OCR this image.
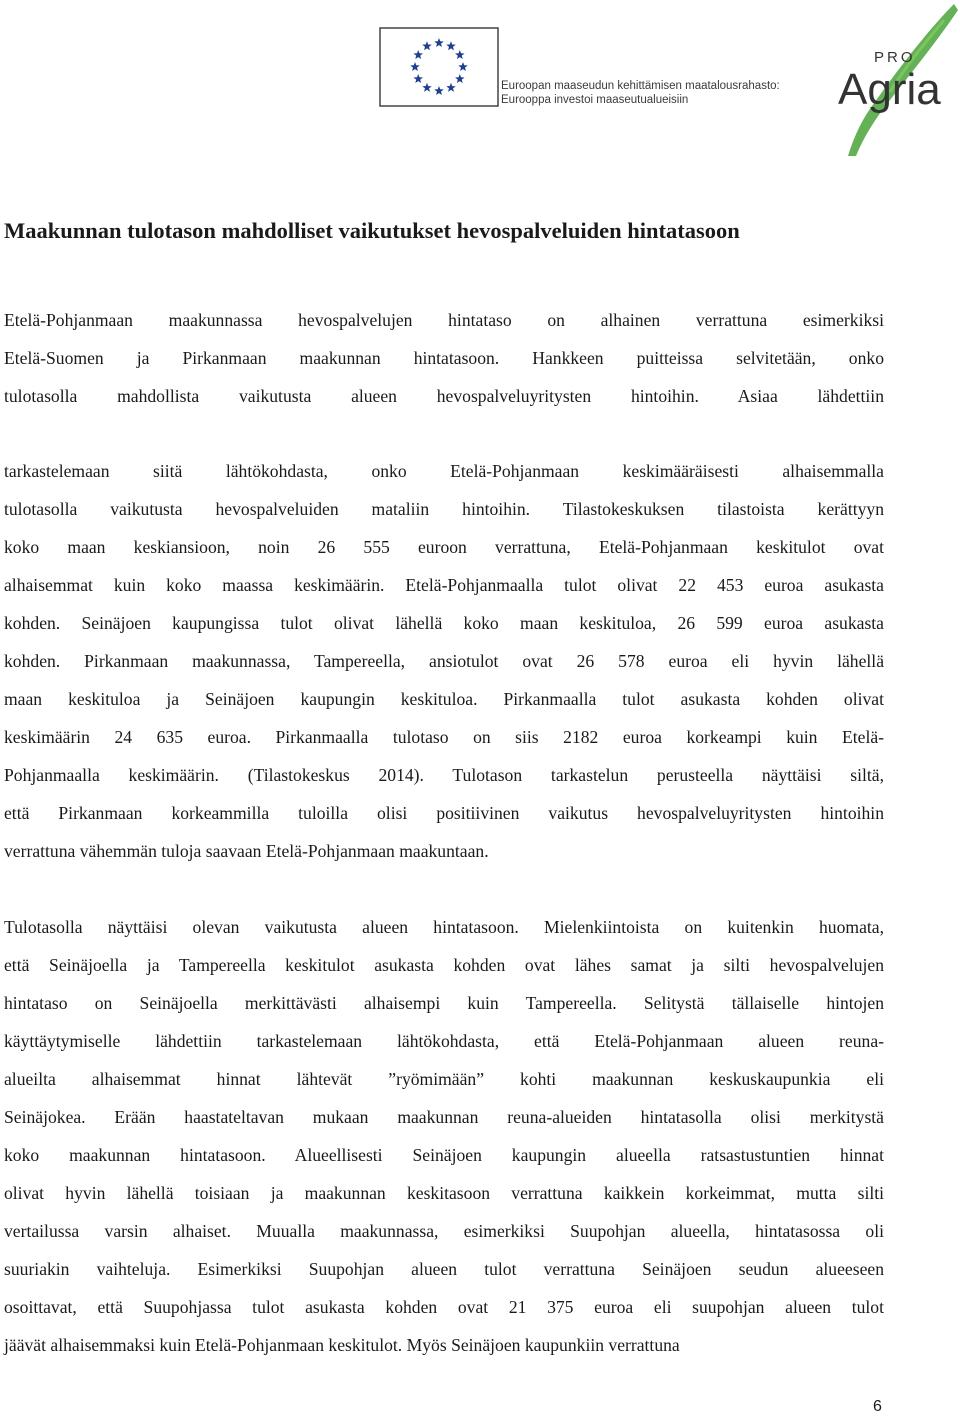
Euroopan maaseudun kehittämisen maatalousrahasto:
Eurooppa investoi maaseutualueisiin
PRO
Agria
Maakunnan tulotason mahdolliset vaikutukset hevospalveluiden hintatasoon

Etelä-Pohjanmaan maakunnassa hevospalvelujen hintataso on alhainen verrattuna esimerkiksi
Etelä-Suomen ja Pirkanmaan maakunnan hintatasoon. Hankkeen puitteissa selvitetään, onko
tulotasolla mahdollista vaikutusta alueen hevospalveluyritysten hintoihin. Asiaa lähdettiin

tarkastelemaan siitä lähtökohdasta, onko Etelä-Pohjanmaan keskimääräisesti alhaisemmalla
tulotasolla vaikutusta hevospalveluiden mataliin hintoihin. Tilastokeskuksen tilastoista kerättyyn
koko maan keskiansioon, noin 26 555 euroon verrattuna, Etelä-Pohjanmaan keskitulot ovat
alhaisemmat kuin koko maassa keskimäärin. Etelä-Pohjanmaalla tulot olivat 22 453 euroa asukasta
kohden. Seinäjoen kaupungissa tulot olivat lähellä koko maan keskituloa, 26 599 euroa asukasta
kohden. Pirkanmaan maakunnassa, Tampereella, ansiotulot ovat 26 578 euroa eli hyvin lähellä
maan keskituloa ja Seinäjoen kaupungin keskituloa. Pirkanmaalla tulot asukasta kohden olivat
keskimäärin 24 635 euroa. Pirkanmaalla tulotaso on siis 2182 euroa korkeampi kuin Etelä-
Pohjanmaalla keskimäärin. (Tilastokeskus 2014). Tulotason tarkastelun perusteella näyttäisi siltä,
että Pirkanmaan korkeammilla tuloilla olisi positiivinen vaikutus hevospalveluyritysten hintoihin
verrattuna vähemmän tuloja saavaan Etelä-Pohjanmaan maakuntaan.

Tulotasolla näyttäisi olevan vaikutusta alueen hintatasoon. Mielenkiintoista on kuitenkin huomata,
että Seinäjoella ja Tampereella keskitulot asukasta kohden ovat lähes samat ja silti hevospalvelujen
hintataso on Seinäjoella merkittävästi alhaisempi kuin Tampereella. Selitystä tällaiselle hintojen
käyttäytymiselle lähdettiin tarkastelemaan lähtökohdasta, että Etelä-Pohjanmaan alueen reuna-
alueilta alhaisemmat hinnat lähtevät ”ryömimään” kohti maakunnan keskuskaupunkia eli
Seinäjokea. Erään haastateltavan mukaan maakunnan reuna-alueiden hintatasolla olisi merkitystä
koko maakunnan hintatasoon. Alueellisesti Seinäjoen kaupungin alueella ratsastustuntien hinnat
olivat hyvin lähellä toisiaan ja maakunnan keskitasoon verrattuna kaikkein korkeimmat, mutta silti
vertailussa varsin alhaiset. Muualla maakunnassa, esimerkiksi Suupohjan alueella, hintatasossa oli
suuriakin vaihteluja. Esimerkiksi Suupohjan alueen tulot verrattuna Seinäjoen seudun alueeseen
osoittavat, että Suupohjassa tulot asukasta kohden ovat 21 375 euroa eli suupohjan alueen tulot
jäävät alhaisemmaksi kuin Etelä-Pohjanmaan keskitulot. Myös Seinäjoen kaupunkiin verrattuna

6
